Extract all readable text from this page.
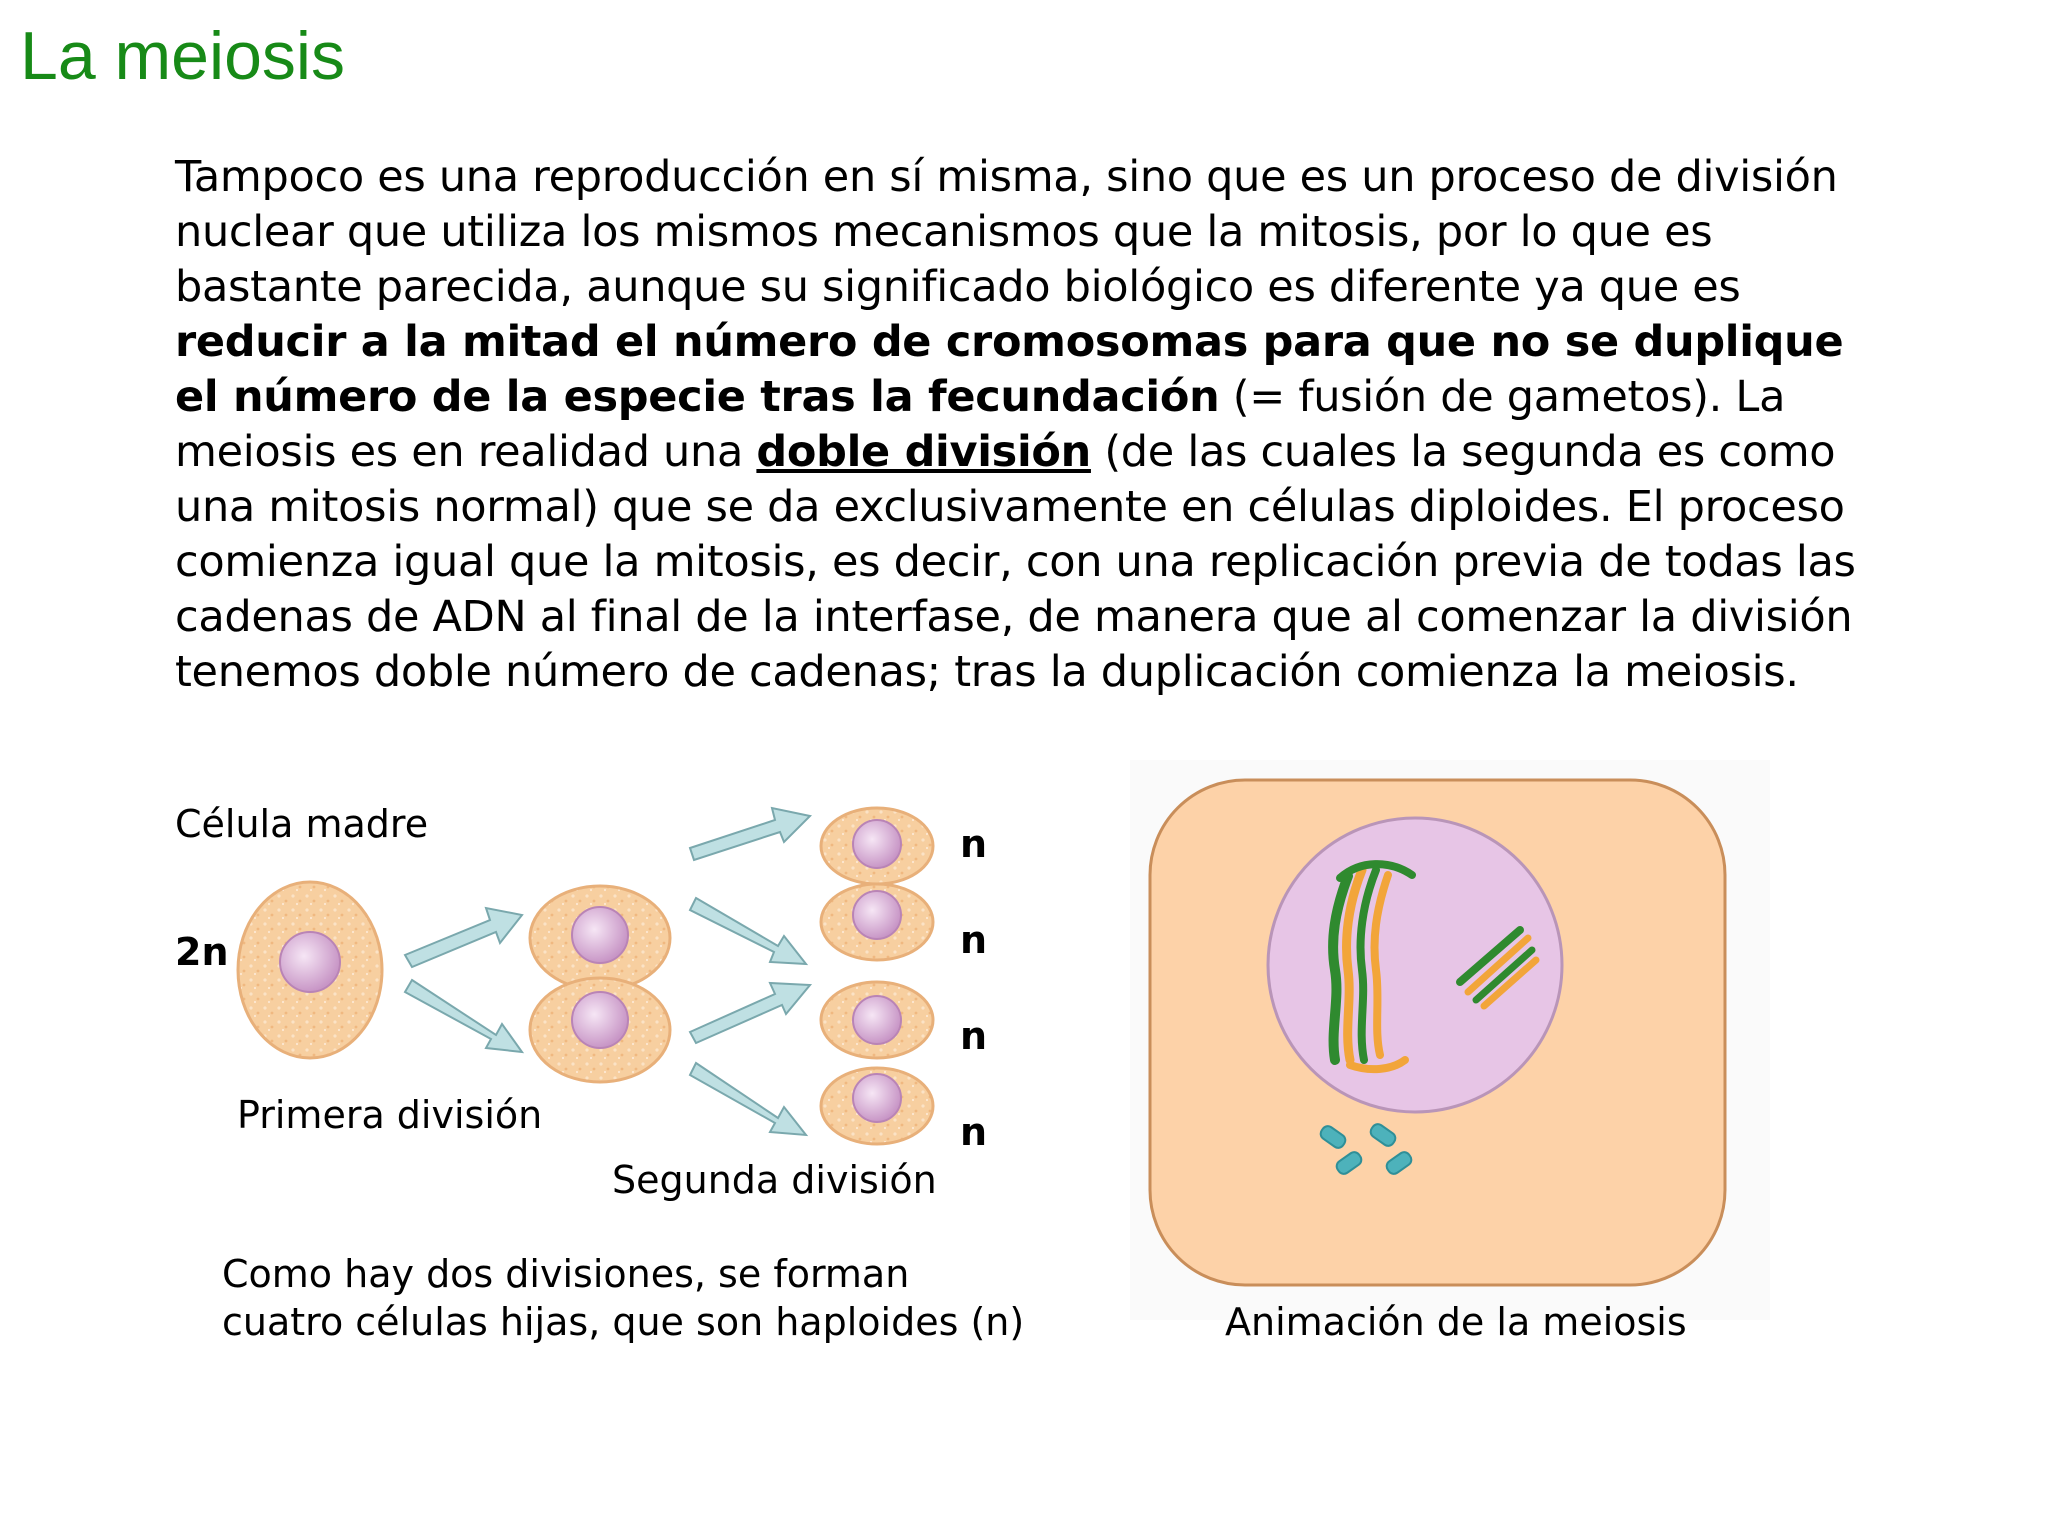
La meiosis

Tampoco es una reproducción en sí misma, sino que es un proceso de división nuclear que utiliza los mismos mecanismos que la mitosis, por lo que es bastante parecida, aunque su significado biológico es diferente ya que es reducir a la mitad el número de cromosomas para que no se duplique el número de la especie tras la fecundación (= fusión de gametos). La meiosis es en realidad una doble división (de las cuales la segunda es como una mitosis normal) que se da exclusivamente en células diploides. El proceso comienza igual que la mitosis, es decir, con una replicación previa de todas las cadenas de ADN al final de la interfase, de manera que al comenzar la división tenemos doble número de cadenas; tras la duplicación comienza la meiosis.

Célula madre
2n
Primera división
Segunda división
n
n
n
n
Como hay dos divisiones, se forman cuatro células hijas, que son haploides (n)	Animación de la meiosis
